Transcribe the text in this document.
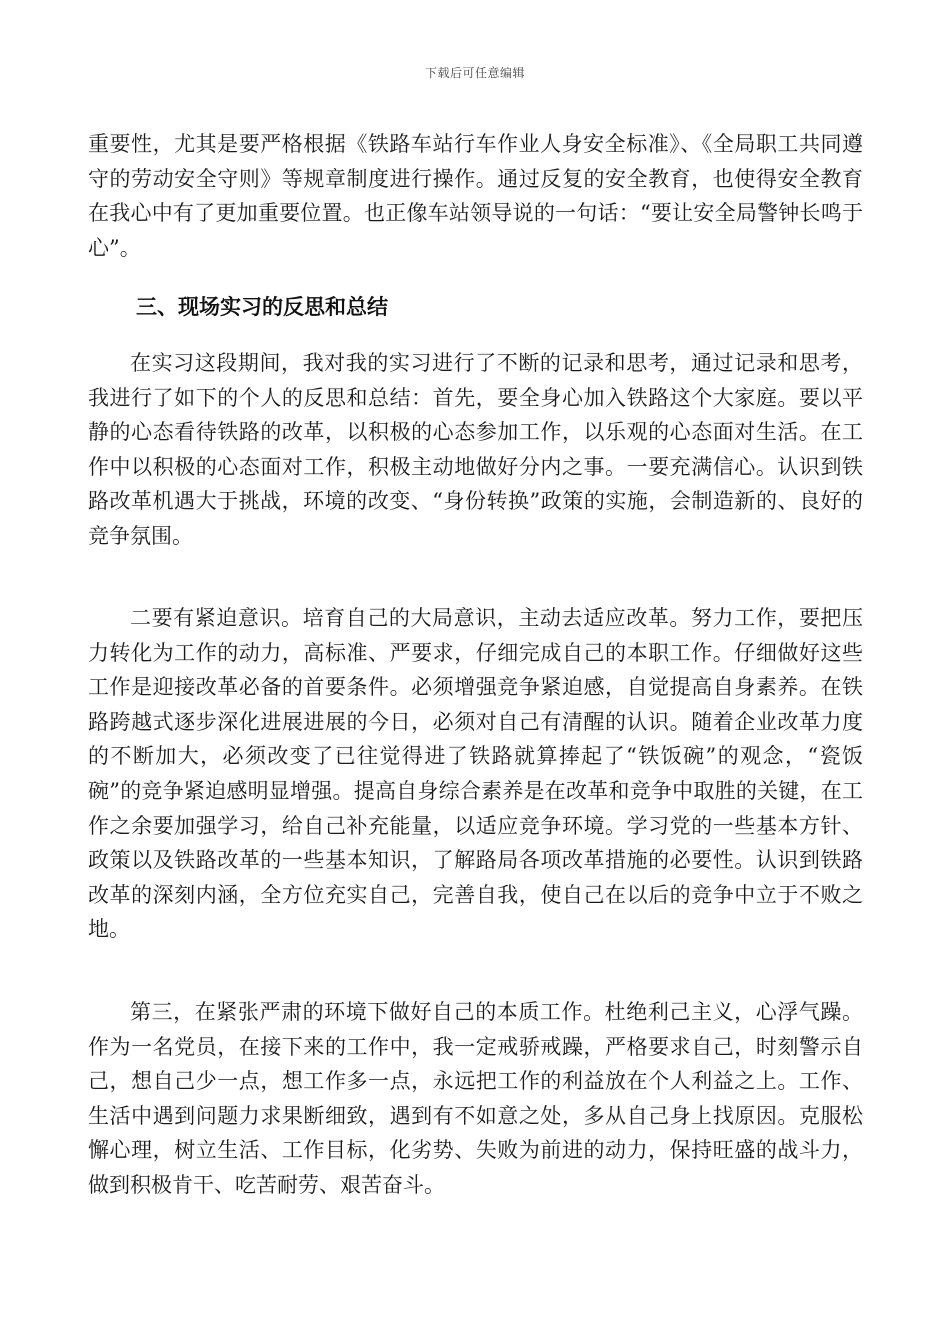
下载后可任意编辑

重要性，尤其是要严格根据《铁路车站行车作业人身安全标准》、《全局职工共同遵守的劳动安全守则》等规章制度进行操作。通过反复的安全教育，也使得安全教育在我心中有了更加重要位置。也正像车站领导说的一句话：“要让安全局警钟长鸣于心”。

三、现场实习的反思和总结

在实习这段期间，我对我的实习进行了不断的记录和思考，通过记录和思考，我进行了如下的个人的反思和总结：首先，要全身心加入铁路这个大家庭。要以平静的心态看待铁路的改革，以积极的心态参加工作，以乐观的心态面对生活。在工作中以积极的心态面对工作，积极主动地做好分内之事。一要充满信心。认识到铁路改革机遇大于挑战，环境的改变、“身份转换”政策的实施，会制造新的、良好的竞争氛围。

二要有紧迫意识。培育自己的大局意识，主动去适应改革。努力工作，要把压力转化为工作的动力，高标准、严要求，仔细完成自己的本职工作。仔细做好这些工作是迎接改革必备的首要条件。必须增强竞争紧迫感，自觉提高自身素养。在铁路跨越式逐步深化进展进展的今日，必须对自己有清醒的认识。随着企业改革力度的不断加大，必须改变了已往觉得进了铁路就算捧起了“铁饭碗”的观念，“瓷饭碗”的竞争紧迫感明显增强。提高自身综合素养是在改革和竞争中取胜的关键，在工作之余要加强学习，给自己补充能量，以适应竞争环境。学习党的一些基本方针、政策以及铁路改革的一些基本知识，了解路局各项改革措施的必要性。认识到铁路改革的深刻内涵，全方位充实自己，完善自我，使自己在以后的竞争中立于不败之地。

第三，在紧张严肃的环境下做好自己的本质工作。杜绝利己主义，心浮气躁。作为一名党员，在接下来的工作中，我一定戒骄戒躁，严格要求自己，时刻警示自己，想自己少一点，想工作多一点，永远把工作的利益放在个人利益之上。工作、生活中遇到问题力求果断细致，遇到有不如意之处，多从自己身上找原因。克服松懈心理，树立生活、工作目标，化劣势、失败为前进的动力，保持旺盛的战斗力，做到积极肯干、吃苦耐劳、艰苦奋斗。
